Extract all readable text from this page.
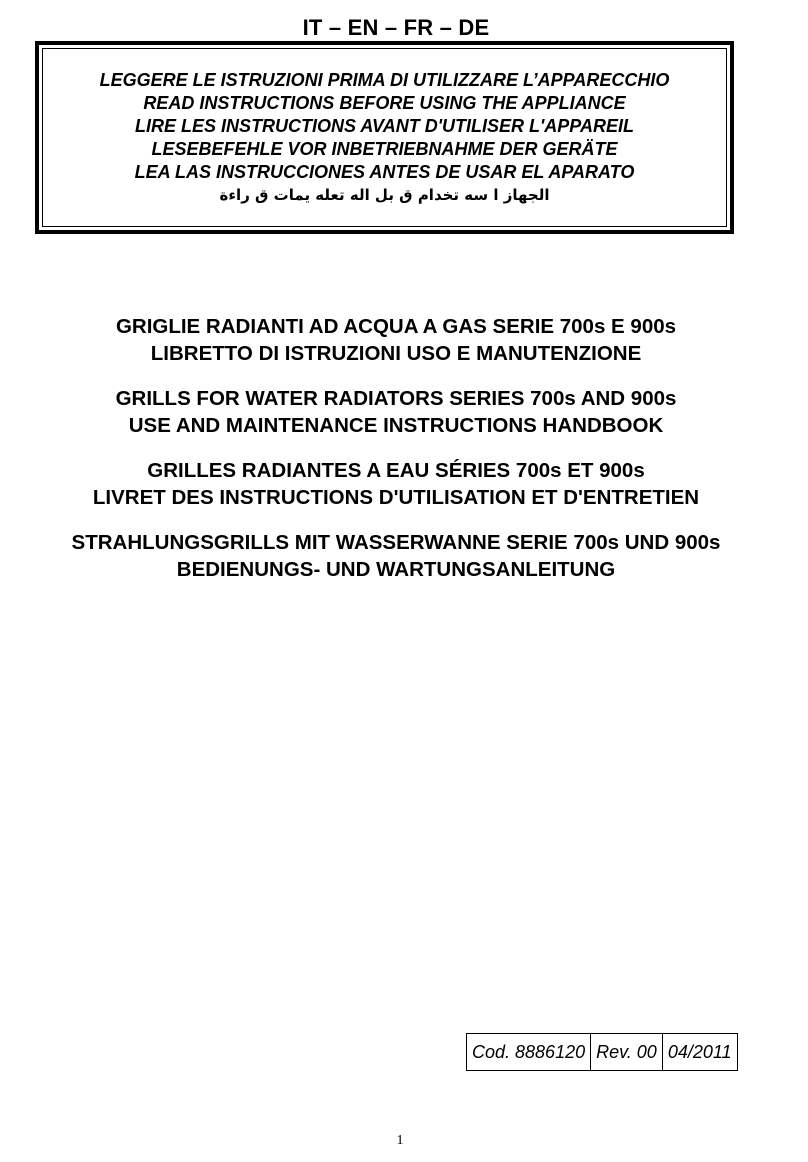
IT – EN – FR – DE
LEGGERE LE ISTRUZIONI PRIMA DI UTILIZZARE L’APPARECCHIO
READ INSTRUCTIONS BEFORE USING THE APPLIANCE
LIRE LES INSTRUCTIONS AVANT D'UTILISER L'APPAREIL
LESEBEFEHLE VOR INBETRIEBNAHME DER GERÄTE
LEA LAS INSTRUCCIONES ANTES DE USAR EL APARATO
الجهاز ا سه تخدام ق بل اله تعله يمات ق راءة
GRIGLIE RADIANTI AD ACQUA A GAS SERIE 700s E 900s
LIBRETTO DI ISTRUZIONI USO E MANUTENZIONE
GRILLS FOR WATER RADIATORS SERIES 700s AND 900s
USE AND MAINTENANCE INSTRUCTIONS HANDBOOK
GRILLES RADIANTES A EAU SÉRIES 700s ET 900s
LIVRET DES INSTRUCTIONS D'UTILISATION ET D'ENTRETIEN
STRAHLUNGSGRILLS MIT WASSERWANNE SERIE 700s UND 900s
BEDIENUNGS- UND WARTUNGSANLEITUNG
Cod. 8886120	Rev. 00	04/2011
1
